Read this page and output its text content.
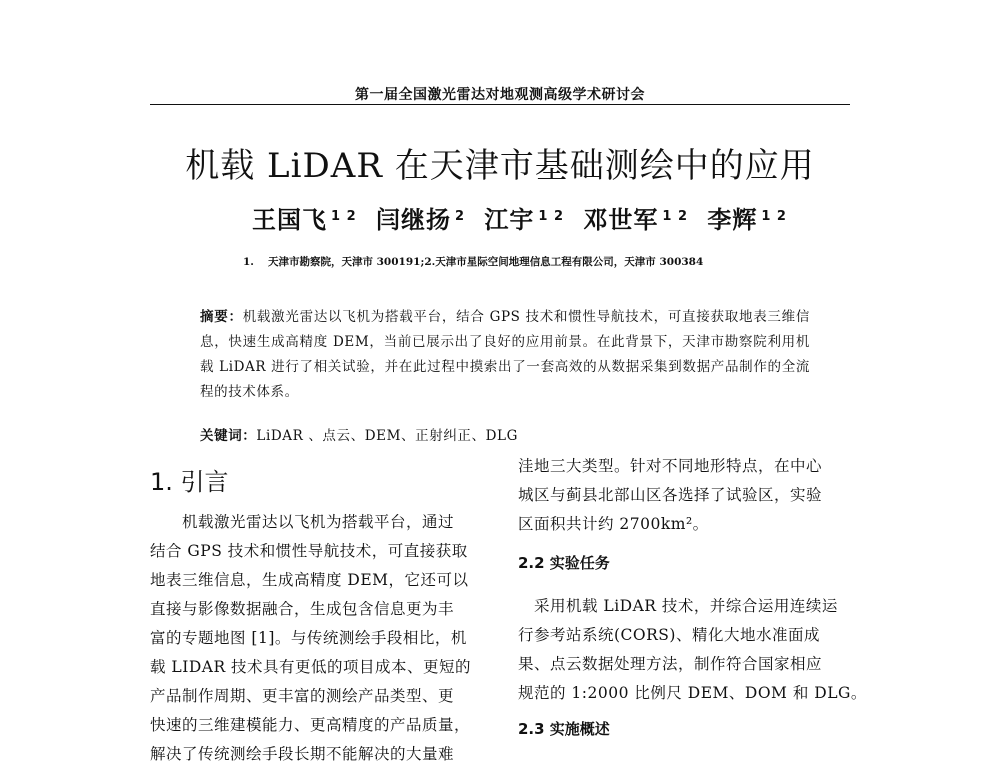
第一届全国激光雷达对地观测高级学术研讨会
机载 LiDAR 在天津市基础测绘中的应用
王国飞 $^{1 2}$ 闫继扬 $^2$ 江宇 $^{1 2}$ 邓世军 $^{1 2}$ 李辉 $^{1 2}$
1. 天津市勘察院，天津市 300191;2.天津市星际空间地理信息工程有限公司，天津市 300384
摘要：机载激光雷达以飞机为搭载平台，结合 GPS 技术和惯性导航技术，可直接获取地表三维信息，快速生成高精度 DEM，当前已展示出了良好的应用前景。在此背景下，天津市勘察院利用机载 LiDAR 进行了相关试验，并在此过程中摸索出了一套高效的从数据采集到数据产品制作的全流程的技术体系。
关键词：LiDAR 、点云、DEM、正射纠正、DLG
1. 引言
　　机载激光雷达以飞机为搭载平台，通过
结合 GPS 技术和惯性导航技术，可直接获取
地表三维信息，生成高精度 DEM，它还可以
直接与影像数据融合，生成包含信息更为丰
富的专题地图 [1]。与传统测绘手段相比，机
载 LIDAR 技术具有更低的项目成本、更短的
产品制作周期、更丰富的测绘产品类型、更
快速的三维建模能力、更高精度的产品质量，
解决了传统测绘手段长期不能解决的大量难
洼地三大类型。针对不同地形特点，在中心
城区与蓟县北部山区各选择了试验区，实验
区面积共计约 2700km²。
2.2 实验任务
　采用机载 LiDAR 技术，并综合运用连续运
行参考站系统(CORS)、精化大地水准面成
果、点云数据处理方法，制作符合国家相应
规范的 1:2000 比例尺 DEM、DOM 和 DLG。
2.3 实施概述
